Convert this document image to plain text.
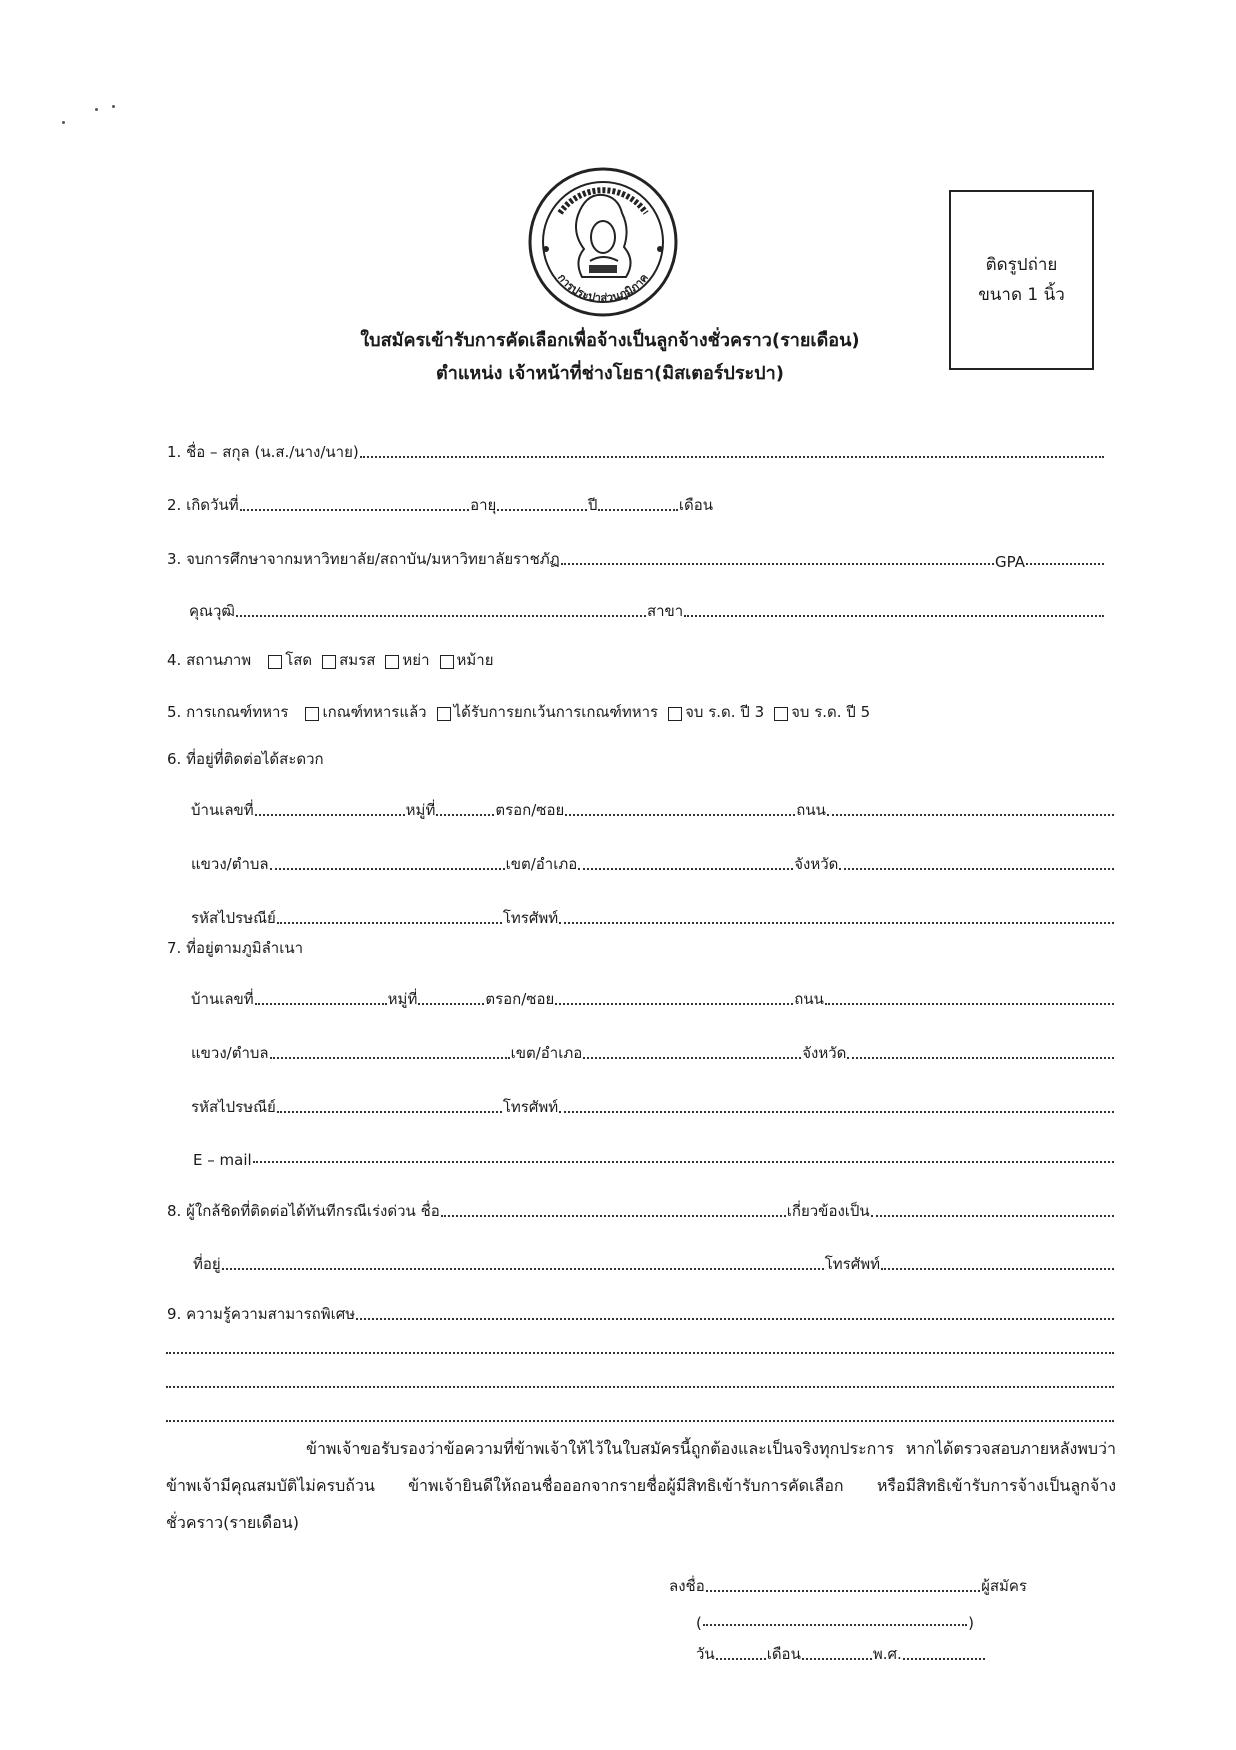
การประปาส่วนภูมิภาค
ติดรูปถ่าย
ขนาด 1 นิ้ว
ใบสมัครเข้ารับการคัดเลือกเพื่อจ้างเป็นลูกจ้างชั่วคราว(รายเดือน)
ตำแหน่ง เจ้าหน้าที่ช่างโยธา(มิสเตอร์ประปา)
1. ชื่อ – สกุล (น.ส./นาง/นาย)
2. เกิดวันที่	อายุ	ปี	เดือน
3. จบการศึกษาจากมหาวิทยาลัย/สถาบัน/มหาวิทยาลัยราชภัฏ	GPA
คุณวุฒิ	สาขา
4. สถานภาพ โสด สมรส หย่า หม้าย
5. การเกณฑ์ทหาร เกณฑ์ทหารแล้ว ได้รับการยกเว้นการเกณฑ์ทหาร จบ ร.ด. ปี 3 จบ ร.ด. ปี 5
6. ที่อยู่ที่ติดต่อได้สะดวก
บ้านเลขที่	หมู่ที่	ตรอก/ซอย	ถนน
แขวง/ตำบล	เขต/อำเภอ	จังหวัด
รหัสไปรษณีย์	โทรศัพท์
7. ที่อยู่ตามภูมิลำเนา
บ้านเลขที่	หมู่ที่	ตรอก/ซอย	ถนน
แขวง/ตำบล	เขต/อำเภอ	จังหวัด
รหัสไปรษณีย์	โทรศัพท์
E – mail
8. ผู้ใกล้ชิดที่ติดต่อได้ทันทีกรณีเร่งด่วน ชื่อ	เกี่ยวข้องเป็น
ที่อยู่	โทรศัพท์
9. ความรู้ความสามารถพิเศษ
ข้าพเจ้าขอรับรองว่าข้อความที่ข้าพเจ้าให้ไว้ในใบสมัครนี้ถูกต้องและเป็นจริงทุกประการ หากได้ตรวจสอบภายหลังพบว่าข้าพเจ้ามีคุณสมบัติไม่ครบถ้วน ข้าพเจ้ายินดีให้ถอนชื่อออกจากรายชื่อผู้มีสิทธิเข้ารับการคัดเลือก หรือมีสิทธิเข้ารับการจ้างเป็นลูกจ้างชั่วคราว(รายเดือน)
ลงชื่อ	ผู้สมัคร
(	)
วัน	เดือน	พ.ศ.
